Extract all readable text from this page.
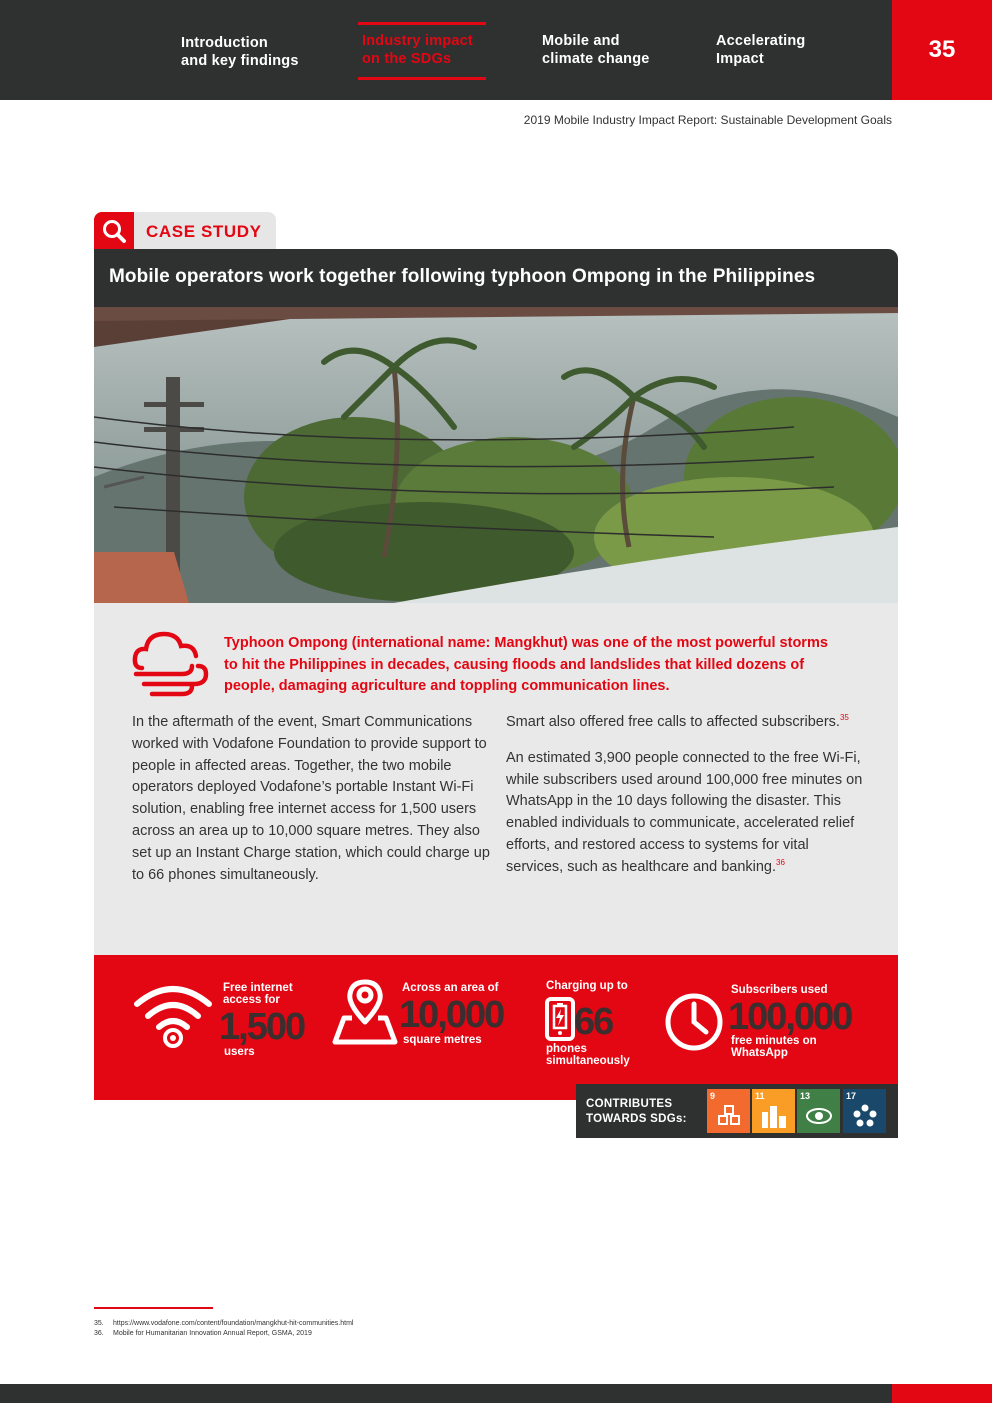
Introduction
and key findings
Industry impact
on the SDGs
Mobile and
climate change
Accelerating
Impact	35
2019 Mobile Industry Impact Report: Sustainable Development Goals
CASE STUDY
Mobile operators work together following typhoon Ompong in the Philippines
Typhoon Ompong (international name: Mangkhut) was one of the most powerful storms to hit the Philippines in decades, causing floods and landslides that killed dozens of people, damaging agriculture and toppling communication lines.

In the aftermath of the event, Smart Communications worked with Vodafone Foundation to provide support to people in affected areas. Together, the two mobile operators deployed Vodafone’s portable Instant Wi-Fi solution, enabling free internet access for 1,500 users across an area up to 10,000 square metres. They also set up an Instant Charge station, which could charge up to 66 phones simultaneously.

Smart also offered free calls to affected subscribers.$^{35}$

An estimated 3,900 people connected to the free Wi-Fi, while subscribers used around 100,000 free minutes on WhatsApp in the 10 days following the disaster. This enabled individuals to communicate, accelerated relief efforts, and restored access to systems for vital services, such as healthcare and banking.$^{36}$

Free internet
access for
1,500
users
Across an area of
10,000
square metres
Charging up to
66
phones
simultaneously
Subscribers used
100,000
free minutes on
WhatsApp
CONTRIBUTES
TOWARDS SDGs:
9	11	13	17
35. https://www.vodafone.com/content/foundation/mangkhut-hit-communities.html
36. Mobile for Humanitarian Innovation Annual Report, GSMA, 2019
